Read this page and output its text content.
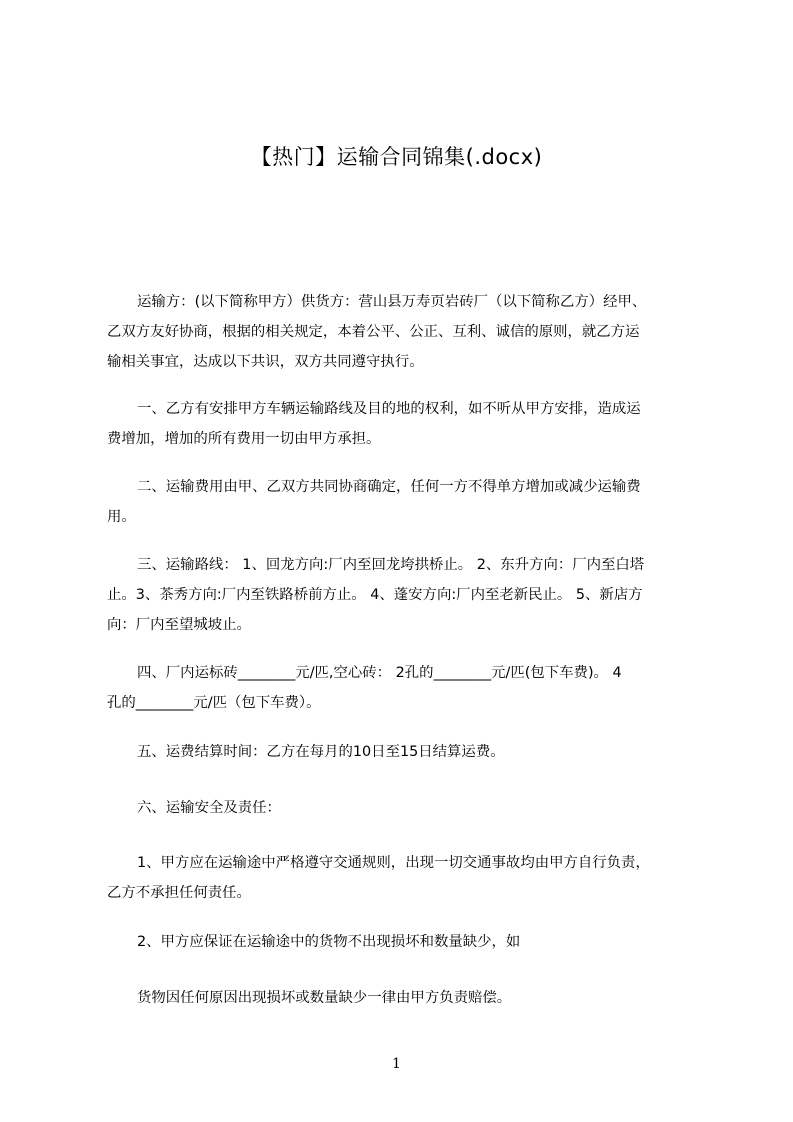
【热门】运输合同锦集(.docx)
运输方：(以下简称甲方）供货方：营山县万寿页岩砖厂（以下简称乙方）经甲、
乙双方友好协商，根据的相关规定，本着公平、公正、互利、诚信的原则，就乙方运
输相关事宜，达成以下共识，双方共同遵守执行。
一、乙方有安排甲方车辆运输路线及目的地的权利，如不听从甲方安排，造成运
费增加，增加的所有费用一切由甲方承担。
二、运输费用由甲、乙双方共同协商确定，任何一方不得单方增加或减少运输费
用。
三、运输路线： 1、回龙方向:厂内至回龙垮拱桥止。 2、东升方向：厂内至白塔
止。3、茶秀方向:厂内至铁路桥前方止。 4、蓬安方向:厂内至老新民止。 5、新店方
向：厂内至望城坡止。
四、厂内运标砖________元/匹,空心砖： 2孔的________元/匹(包下车费)。 4
孔的________元/匹（包下车费）。
五、运费结算时间：乙方在每月的10日至15日结算运费。
六、运输安全及责任：
1、甲方应在运输途中严格遵守交通规则，出现一切交通事故均由甲方自行负责，
乙方不承担任何责任。
2、甲方应保证在运输途中的货物不出现损坏和数量缺少，如
货物因任何原因出现损坏或数量缺少一律由甲方负责赔偿。
1
